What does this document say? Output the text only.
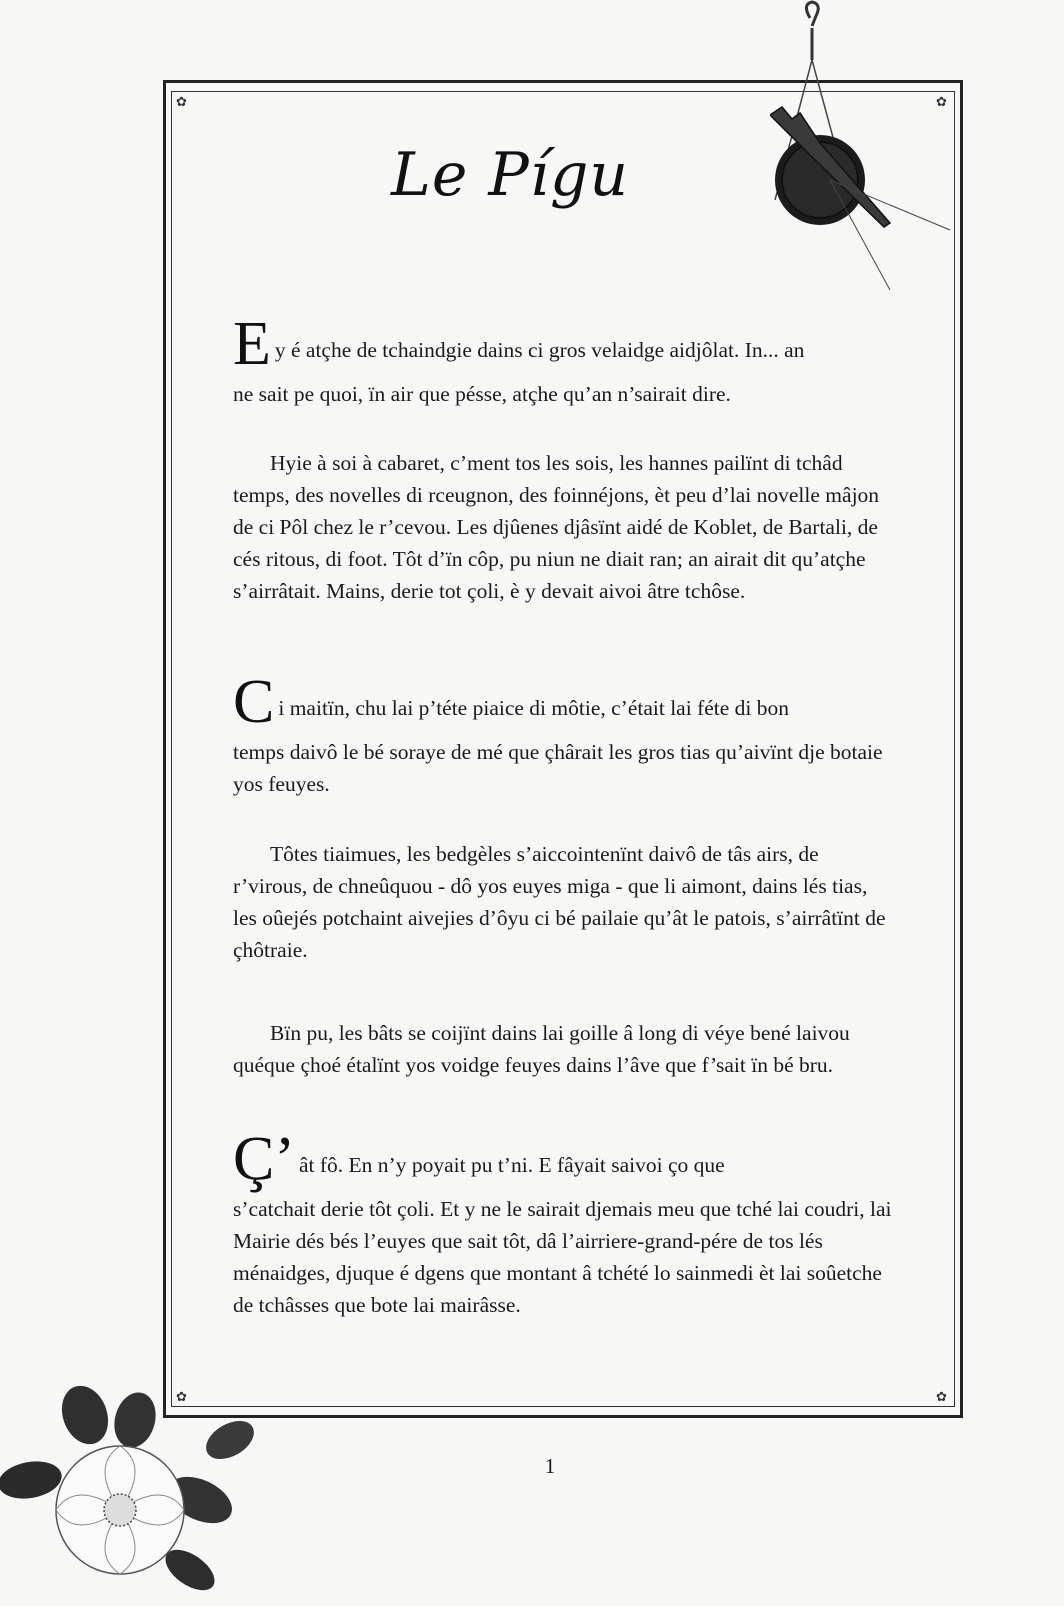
✿	✿
✿	✿
Le Pígu
E y é atçhe de tchaindgie dains ci gros velaidge aidjôlat. In... an

ne sait pe quoi, ïn air que pésse, atçhe qu’an n’sairait dire.

Hyie à soi à cabaret, c’ment tos les sois, les hannes pailïnt di tchâd temps, des novelles di rceugnon, des foinnéjons, èt peu d’lai novelle mâjon de ci Pôl chez le r’cevou. Les djûenes djâsïnt aidé de Koblet, de Bartali, de cés ritous, di foot. Tôt d’ïn côp, pu niun ne diait ran; an airait dit qu’atçhe s’airrâtait. Mains, derie tot çoli, è y devait aivoi âtre tchôse.

C i maitïn, chu lai p’téte piaice di môtie, c’était lai féte di bon

temps daivô le bé soraye de mé que çhârait les gros tias qu’aivïnt dje botaie yos feuyes.

Tôtes tiaimues, les bedgèles s’aiccointenïnt daivô de tâs airs, de r’virous, de chneûquou - dô yos euyes miga - que li aimont, dains lés tias, les oûejés potchaint aivejies d’ôyu ci bé pailaie qu’ât le patois, s’airrâtïnt de çhôtraie.

Bïn pu, les bâts se coijïnt dains lai goille â long di véye bené laivou quéque çhoé étalïnt yos voidge feuyes dains l’âve que f’sait ïn bé bru.

Ç’ ât fô. En n’y poyait pu t’ni. E fâyait saivoi ço que

s’catchait derie tôt çoli. Et y ne le sairait djemais meu que tché lai coudri, lai Mairie dés bés l’euyes que sait tôt, dâ l’airriere-grand-pére de tos lés ménaidges, djuque é dgens que montant â tchété lo sainmedi èt lai soûetche de tchâsses que bote lai mairâsse.

1
